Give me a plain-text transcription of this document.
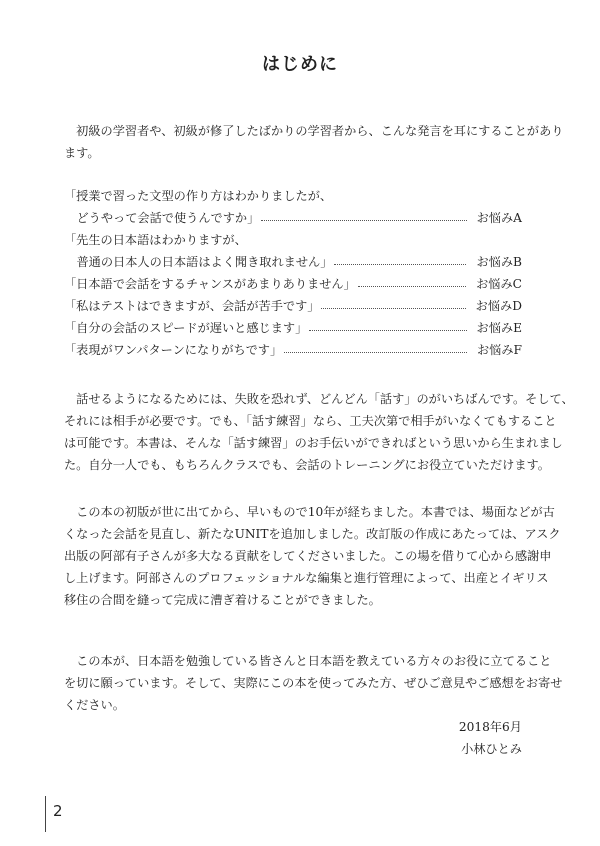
はじめに
　初級の学習者や、初級が修了したばかりの学習者から、こんな発言を耳にすることがあり
ます。
「授業で習った文型の作り方はわかりましたが、
どうやって会話で使うんですか」	お悩みA
「先生の日本語はわかりますが、
普通の日本人の日本語はよく聞き取れません」	お悩みB
「日本語で会話をするチャンスがあまりありません」	お悩みC
「私はテストはできますが、会話が苦手です」	お悩みD
「自分の会話のスピードが遅いと感じます」	お悩みE
「表現がワンパターンになりがちです」	お悩みF
　話せるようになるためには、失敗を恐れず、どんどん「話す」のがいちばんです。そして、
それには相手が必要です。でも、「話す練習」なら、工夫次第で相手がいなくてもすること
は可能です。本書は、そんな「話す練習」のお手伝いができればという思いから生まれまし
た。自分一人でも、もちろんクラスでも、会話のトレーニングにお役立ていただけます。
　この本の初版が世に出てから、早いもので10年が経ちました。本書では、場面などが古
くなった会話を見直し、新たなUNITを追加しました。改訂版の作成にあたっては、アスク
出版の阿部有子さんが多大なる貢献をしてくださいました。この場を借りて心から感謝申
し上げます。阿部さんのプロフェッショナルな編集と進行管理によって、出産とイギリス
移住の合間を縫って完成に漕ぎ着けることができました。
　この本が、日本語を勉強している皆さんと日本語を教えている方々のお役に立てること
を切に願っています。そして、実際にこの本を使ってみた方、ぜひご意見やご感想をお寄せ
ください。
2018年6月
小林ひとみ
2
